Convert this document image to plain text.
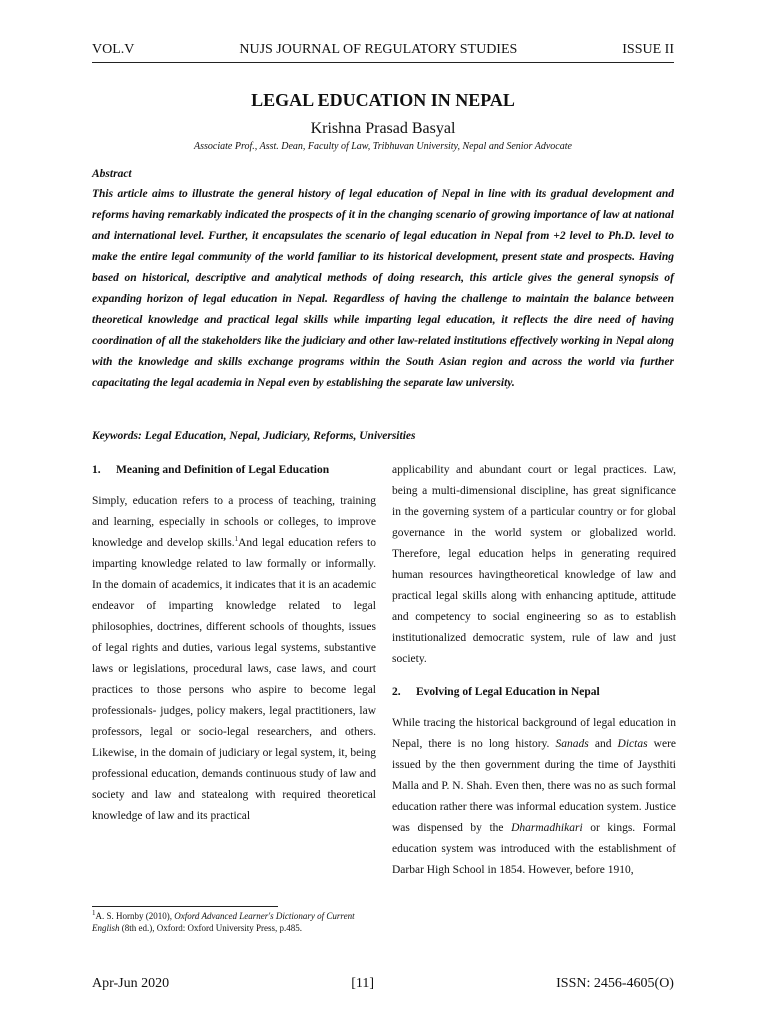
VOL.V	NUJS JOURNAL OF REGULATORY STUDIES	ISSUE II
LEGAL EDUCATION IN NEPAL
Krishna Prasad Basyal
Associate Prof., Asst. Dean, Faculty of Law, Tribhuvan University, Nepal and Senior Advocate
Abstract

This article aims to illustrate the general history of legal education of Nepal in line with its gradual development and reforms having remarkably indicated the prospects of it in the changing scenario of growing importance of law at national and international level. Further, it encapsulates the scenario of legal education in Nepal from +2 level to Ph.D. level to make the entire legal community of the world familiar to its historical development, present state and prospects. Having based on historical, descriptive and analytical methods of doing research, this article gives the general synopsis of expanding horizon of legal education in Nepal. Regardless of having the challenge to maintain the balance between theoretical knowledge and practical legal skills while imparting legal education, it reflects the dire need of having coordination of all the stakeholders like the judiciary and other law-related institutions effectively working in Nepal along with the knowledge and skills exchange programs within the South Asian region and across the world via further capacitating the legal academia in Nepal even by establishing the separate law university.

Keywords: Legal Education, Nepal, Judiciary, Reforms, Universities
1. Meaning and Definition of Legal Education

Simply, education refers to a process of teaching, training and learning, especially in schools or colleges, to improve knowledge and develop skills.$^1$And legal education refers to imparting knowledge related to law formally or informally. In the domain of academics, it indicates that it is an academic endeavor of imparting knowledge related to legal philosophies, doctrines, different schools of thoughts, issues of legal rights and duties, various legal systems, substantive laws or legislations, procedural laws, case laws, and court practices to those persons who aspire to become legal professionals- judges, policy makers, legal practitioners, law professors, legal or socio-legal researchers, and others. Likewise, in the domain of judiciary or legal system, it, being professional education, demands continuous study of law and society and law and statealong with required theoretical knowledge of law and its practical

applicability and abundant court or legal practices. Law, being a multi-dimensional discipline, has great significance in the governing system of a particular country or for global governance in the world system or globalized world. Therefore, legal education helps in generating required human resources havingtheoretical knowledge of law and practical legal skills along with enhancing aptitude, attitude and competency to social engineering so as to establish institutionalized democratic system, rule of law and just society.

2. Evolving of Legal Education in Nepal

While tracing the historical background of legal education in Nepal, there is no long history. Sanads and Dictas were issued by the then government during the time of Jaysthiti Malla and P. N. Shah. Even then, there was no as such formal education rather there was informal education system. Justice was dispensed by the Dharmadhikari or kings. Formal education system was introduced with the establishment of Darbar High School in 1854. However, before 1910,

$^1$A. S. Hornby (2010), Oxford Advanced Learner's Dictionary of Current English (8th ed.), Oxford: Oxford University Press, p.485.
Apr-Jun 2020	[11]	ISSN: 2456-4605(O)
